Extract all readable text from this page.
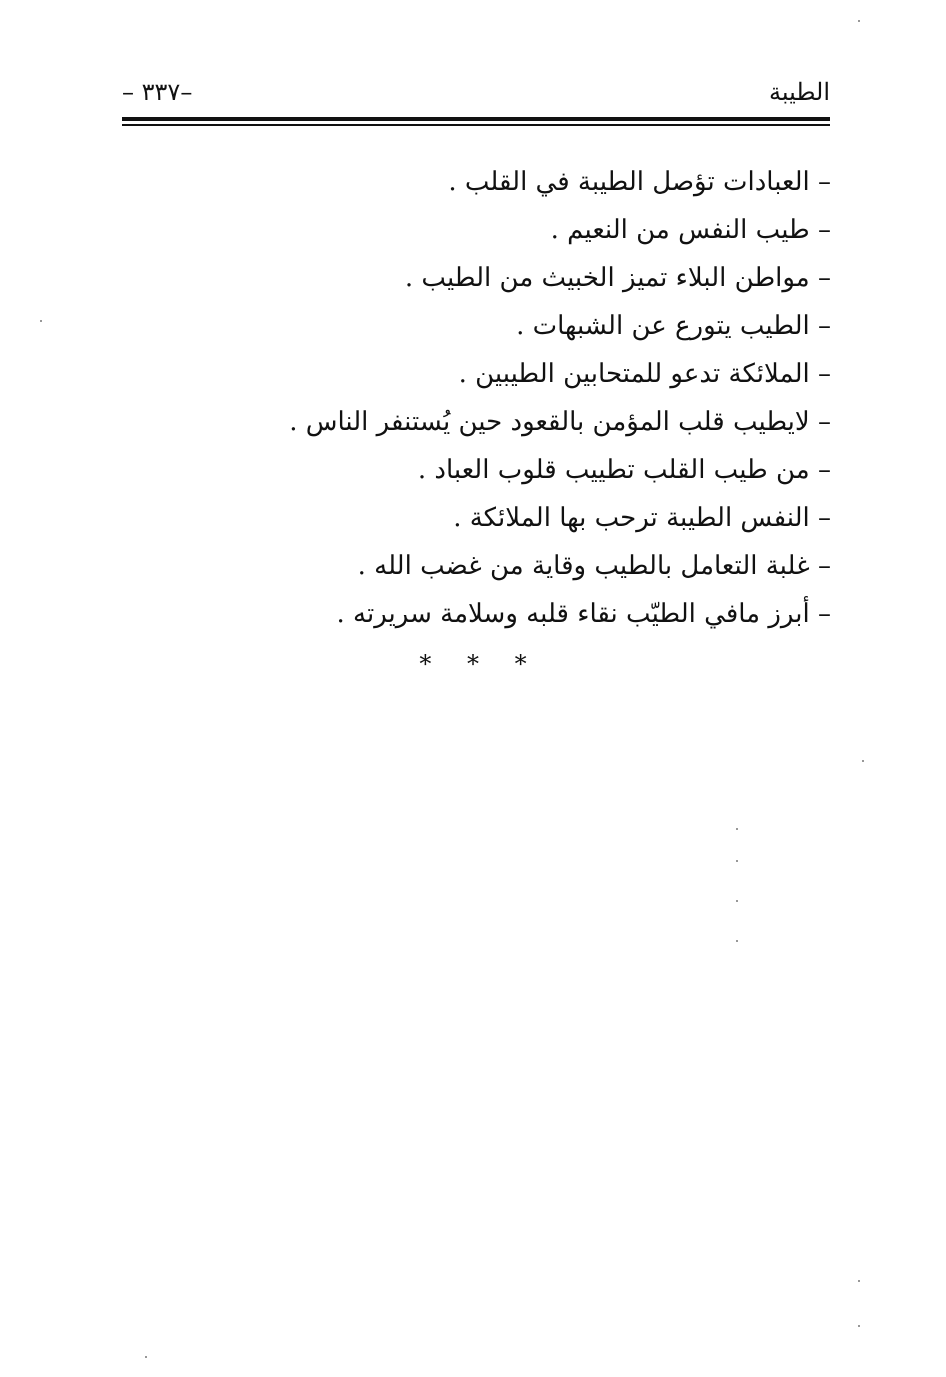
الطيبة
– ٣٣٧–
– العبادات تؤصل الطيبة في القلب .
– طيب النفس من النعيم .
– مواطن البلاء تميز الخبيث من الطيب .
– الطيب يتورع عن الشبهات .
– الملائكة تدعو للمتحابين الطيبين .
– لايطيب قلب المؤمن بالقعود حين يُستنفر الناس .
– من طيب القلب تطييب قلوب العباد .
– النفس الطيبة ترحب بها الملائكة .
– غلبة التعامل بالطيب وقاية من غضب الله .
– أبرز مافي الطيّب نقاء قلبه وسلامة سريرته .
* * *
